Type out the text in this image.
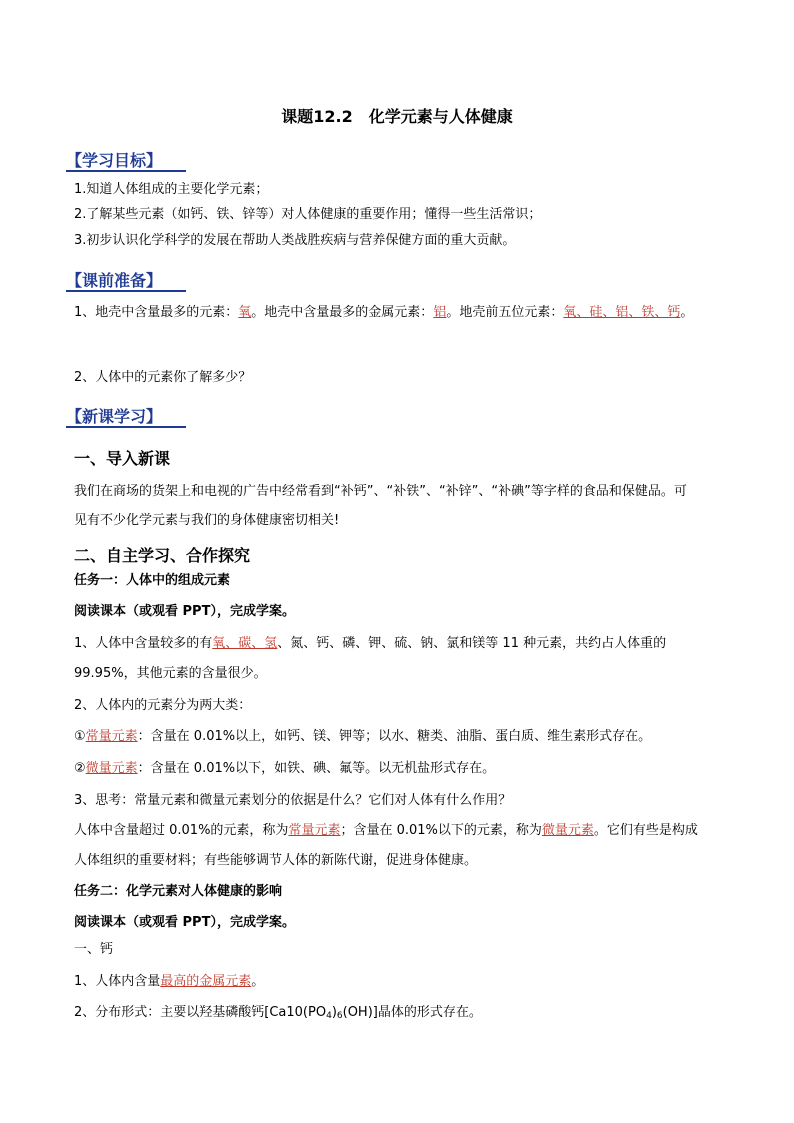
课题12.2　化学元素与人体健康
【学习目标】
1.知道人体组成的主要化学元素；
2.了解某些元素（如钙、铁、锌等）对人体健康的重要作用；懂得一些生活常识；
3.初步认识化学科学的发展在帮助人类战胜疾病与营养保健方面的重大贡献。
【课前准备】
1、地壳中含量最多的元素：氧。地壳中含量最多的金属元素：铝。地壳前五位元素：氧、硅、铝、铁、钙。
2、人体中的元素你了解多少？
【新课学习】
一、导入新课
我们在商场的货架上和电视的广告中经常看到“补钙”、“补铁”、“补锌”、“补碘”等字样的食品和保健品。可
见有不少化学元素与我们的身体健康密切相关!
二、自主学习、合作探究
任务一：人体中的组成元素
阅读课本（或观看 PPT），完成学案。
1、人体中含量较多的有氧、碳、氢、氮、钙、磷、钾、硫、钠、氯和镁等 11 种元素，共约占人体重的
99.95%，其他元素的含量很少。
2、人体内的元素分为两大类：
①常量元素：含量在 0.01%以上，如钙、镁、钾等；以水、糖类、油脂、蛋白质、维生素形式存在。
②微量元素：含量在 0.01%以下，如铁、碘、氟等。以无机盐形式存在。
3、思考：常量元素和微量元素划分的依据是什么？它们对人体有什么作用？
人体中含量超过 0.01%的元素，称为常量元素；含量在 0.01%以下的元素，称为微量元素。它们有些是构成
人体组织的重要材料；有些能够调节人体的新陈代谢，促进身体健康。
任务二：化学元素对人体健康的影响
阅读课本（或观看 PPT），完成学案。
一、钙
1、人体内含量最高的金属元素。
2、分布形式：主要以羟基磷酸钙$[Ca10(PO_4)_6(OH)]$晶体的形式存在。
